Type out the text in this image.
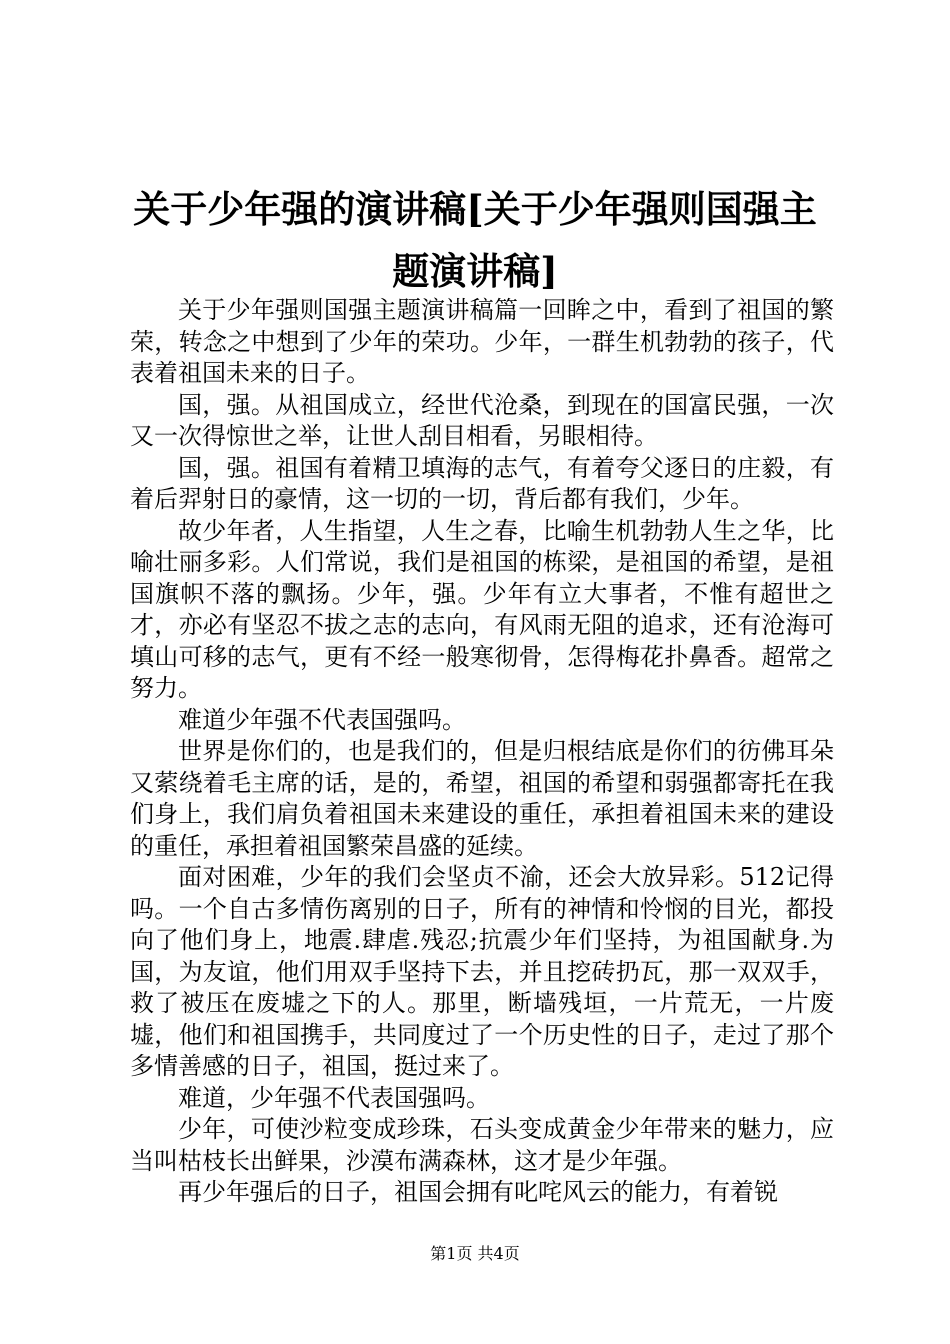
关于少年强的演讲稿[关于少年强则国强主题演讲稿]

关于少年强则国强主题演讲稿篇一回眸之中，看到了祖国的繁荣，转念之中想到了少年的荣功。少年，一群生机勃勃的孩子，代表着祖国未来的日子。

国，强。从祖国成立，经世代沧桑，到现在的国富民强，一次又一次得惊世之举，让世人刮目相看，另眼相待。

国，强。祖国有着精卫填海的志气，有着夸父逐日的庄毅，有着后羿射日的豪情，这一切的一切，背后都有我们，少年。

故少年者，人生指望，人生之春，比喻生机勃勃人生之华，比喻壮丽多彩。人们常说，我们是祖国的栋梁，是祖国的希望，是祖国旗帜不落的飘扬。少年，强。少年有立大事者，不惟有超世之才，亦必有坚忍不拔之志的志向，有风雨无阻的追求，还有沧海可填山可移的志气，更有不经一般寒彻骨，怎得梅花扑鼻香。超常之努力。

难道少年强不代表国强吗。

世界是你们的，也是我们的，但是归根结底是你们的彷佛耳朵又萦绕着毛主席的话，是的，希望，祖国的希望和弱强都寄托在我们身上，我们肩负着祖国未来建设的重任，承担着祖国未来的建设的重任，承担着祖国繁荣昌盛的延续。

面对困难，少年的我们会坚贞不渝，还会大放异彩。512记得吗。一个自古多情伤离别的日子，所有的神情和怜悯的目光，都投向了他们身上，地震.肆虐.残忍;抗震少年们坚持，为祖国献身.为国，为友谊，他们用双手坚持下去，并且挖砖扔瓦，那一双双手，救了被压在废墟之下的人。那里，断墙残垣，一片荒无，一片废墟，他们和祖国携手，共同度过了一个历史性的日子，走过了那个多情善感的日子，祖国，挺过来了。

难道，少年强不代表国强吗。

少年，可使沙粒变成珍珠，石头变成黄金少年带来的魅力，应当叫枯枝长出鲜果，沙漠布满森林，这才是少年强。

再少年强后的日子，祖国会拥有叱咤风云的能力，有着锐

第1页 共4页
